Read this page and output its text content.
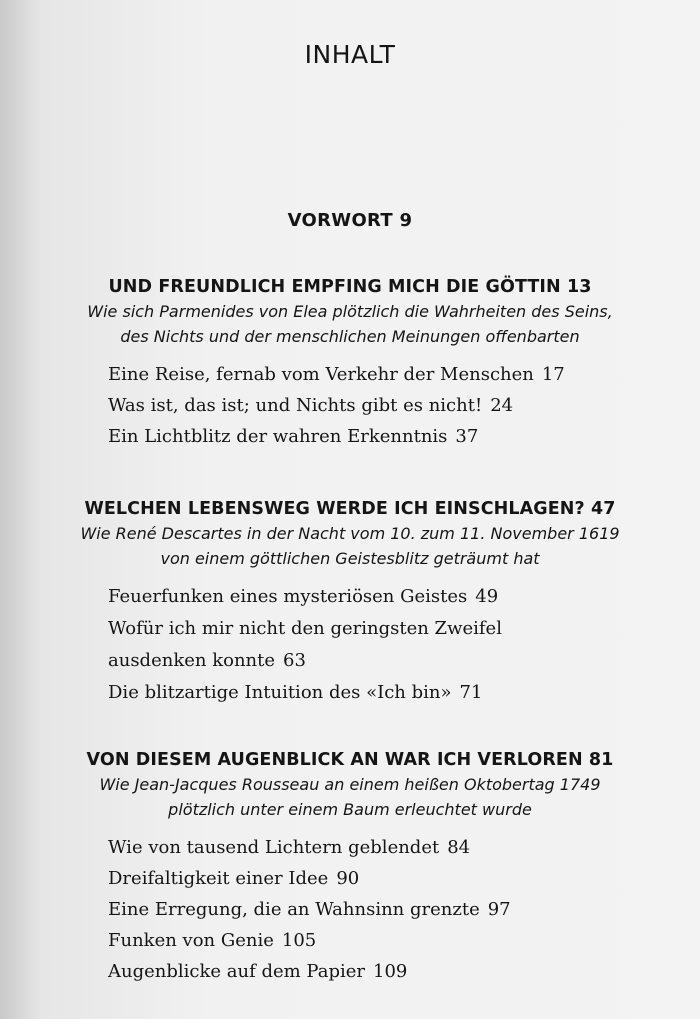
INHALT
VORWORT 9
UND FREUNDLICH EMPFING MICH DIE GÖTTIN 13
Wie sich Parmenides von Elea plötzlich die Wahrheiten des Seins,
des Nichts und der menschlichen Meinungen offenbarten
Eine Reise, fernab vom Verkehr der Menschen 17
Was ist, das ist; und Nichts gibt es nicht! 24
Ein Lichtblitz der wahren Erkenntnis 37
WELCHEN LEBENSWEG WERDE ICH EINSCHLAGEN? 47
Wie René Descartes in der Nacht vom 10. zum 11. November 1619
von einem göttlichen Geistesblitz geträumt hat
Feuerfunken eines mysteriösen Geistes 49
Wofür ich mir nicht den geringsten Zweifel
ausdenken konnte 63
Die blitzartige Intuition des «Ich bin» 71
VON DIESEM AUGENBLICK AN WAR ICH VERLOREN 81
Wie Jean-Jacques Rousseau an einem heißen Oktobertag 1749
plötzlich unter einem Baum erleuchtet wurde
Wie von tausend Lichtern geblendet 84
Dreifaltigkeit einer Idee 90
Eine Erregung, die an Wahnsinn grenzte 97
Funken von Genie 105
Augenblicke auf dem Papier 109
